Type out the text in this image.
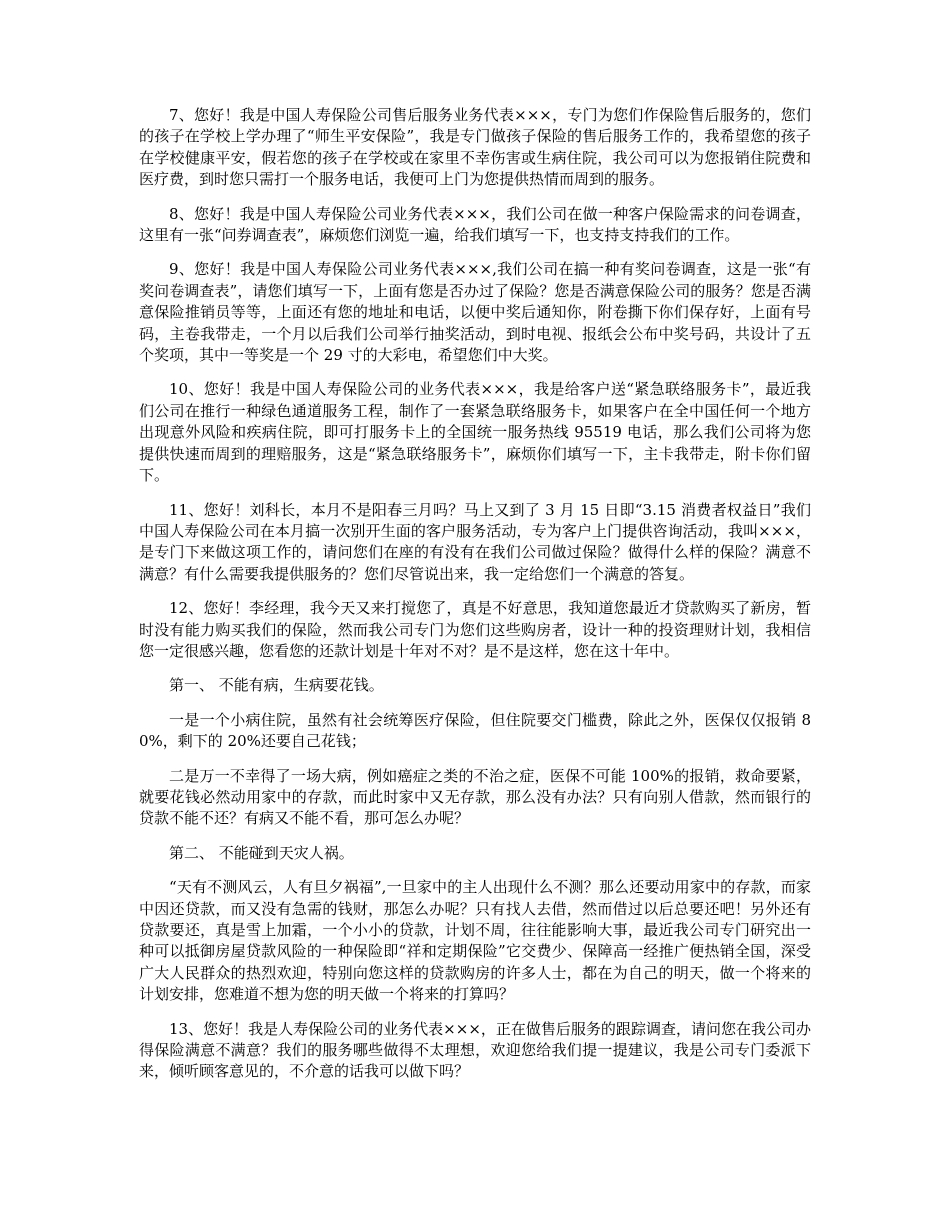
7、您好！我是中国人寿保险公司售后服务业务代表×××，专门为您们作保险售后服务的，您们的孩子在学校上学办理了“师生平安保险”，我是专门做孩子保险的售后服务工作的，我希望您的孩子在学校健康平安，假若您的孩子在学校或在家里不幸伤害或生病住院，我公司可以为您报销住院费和医疗费，到时您只需打一个服务电话，我便可上门为您提供热情而周到的服务。

8、您好！我是中国人寿保险公司业务代表×××，我们公司在做一种客户保险需求的问卷调查，这里有一张“问券调查表”，麻烦您们浏览一遍，给我们填写一下，也支持支持我们的工作。

9、您好！我是中国人寿保险公司业务代表×××,我们公司在搞一种有奖问卷调查，这是一张“有奖问卷调查表”，请您们填写一下，上面有您是否办过了保险？您是否满意保险公司的服务？您是否满意保险推销员等等，上面还有您的地址和电话，以便中奖后通知你，附卷撕下你们保存好，上面有号码，主卷我带走，一个月以后我们公司举行抽奖活动，到时电视、报纸会公布中奖号码，共设计了五个奖项，其中一等奖是一个 29 寸的大彩电，希望您们中大奖。

10、您好！我是中国人寿保险公司的业务代表×××，我是给客户送“紧急联络服务卡”，最近我们公司在推行一种绿色通道服务工程，制作了一套紧急联络服务卡，如果客户在全中国任何一个地方出现意外风险和疾病住院，即可打服务卡上的全国统一服务热线 95519 电话，那么我们公司将为您提供快速而周到的理赔服务，这是“紧急联络服务卡”，麻烦你们填写一下，主卡我带走，附卡你们留下。

11、您好！刘科长，本月不是阳春三月吗？马上又到了 3 月 15 日即“3.15 消费者权益日”我们中国人寿保险公司在本月搞一次别开生面的客户服务活动，专为客户上门提供咨询活动，我叫×××，是专门下来做这项工作的，请问您们在座的有没有在我们公司做过保险？做得什么样的保险？满意不满意？有什么需要我提供服务的？您们尽管说出来，我一定给您们一个满意的答复。

12、您好！李经理，我今天又来打搅您了，真是不好意思，我知道您最近才贷款购买了新房，暂时没有能力购买我们的保险，然而我公司专门为您们这些购房者，设计一种的投资理财计划，我相信您一定很感兴趣，您看您的还款计划是十年对不对？是不是这样，您在这十年中。

第一、 不能有病，生病要花钱。

一是一个小病住院，虽然有社会统筹医疗保险，但住院要交门槛费，除此之外，医保仅仅报销 80%，剩下的 20%还要自己花钱；

二是万一不幸得了一场大病，例如癌症之类的不治之症，医保不可能 100%的报销，救命要紧，就要花钱必然动用家中的存款，而此时家中又无存款，那么没有办法？只有向别人借款，然而银行的贷款不能不还？有病又不能不看，那可怎么办呢？

第二、 不能碰到天灾人祸。

“天有不测风云，人有旦夕祸福”,一旦家中的主人出现什么不测？那么还要动用家中的存款，而家中因还贷款，而又没有急需的钱财，那怎么办呢？只有找人去借，然而借过以后总要还吧！另外还有贷款要还，真是雪上加霜，一个小小的贷款，计划不周，往往能影响大事，最近我公司专门研究出一种可以抵御房屋贷款风险的一种保险即“祥和定期保险”它交费少、保障高一经推广便热销全国，深受广大人民群众的热烈欢迎，特别向您这样的贷款购房的许多人士，都在为自己的明天，做一个将来的计划安排，您难道不想为您的明天做一个将来的打算吗？

13、您好！我是人寿保险公司的业务代表×××，正在做售后服务的跟踪调查，请问您在我公司办得保险满意不满意？我们的服务哪些做得不太理想，欢迎您给我们提一提建议，我是公司专门委派下来，倾听顾客意见的，不介意的话我可以做下吗？
